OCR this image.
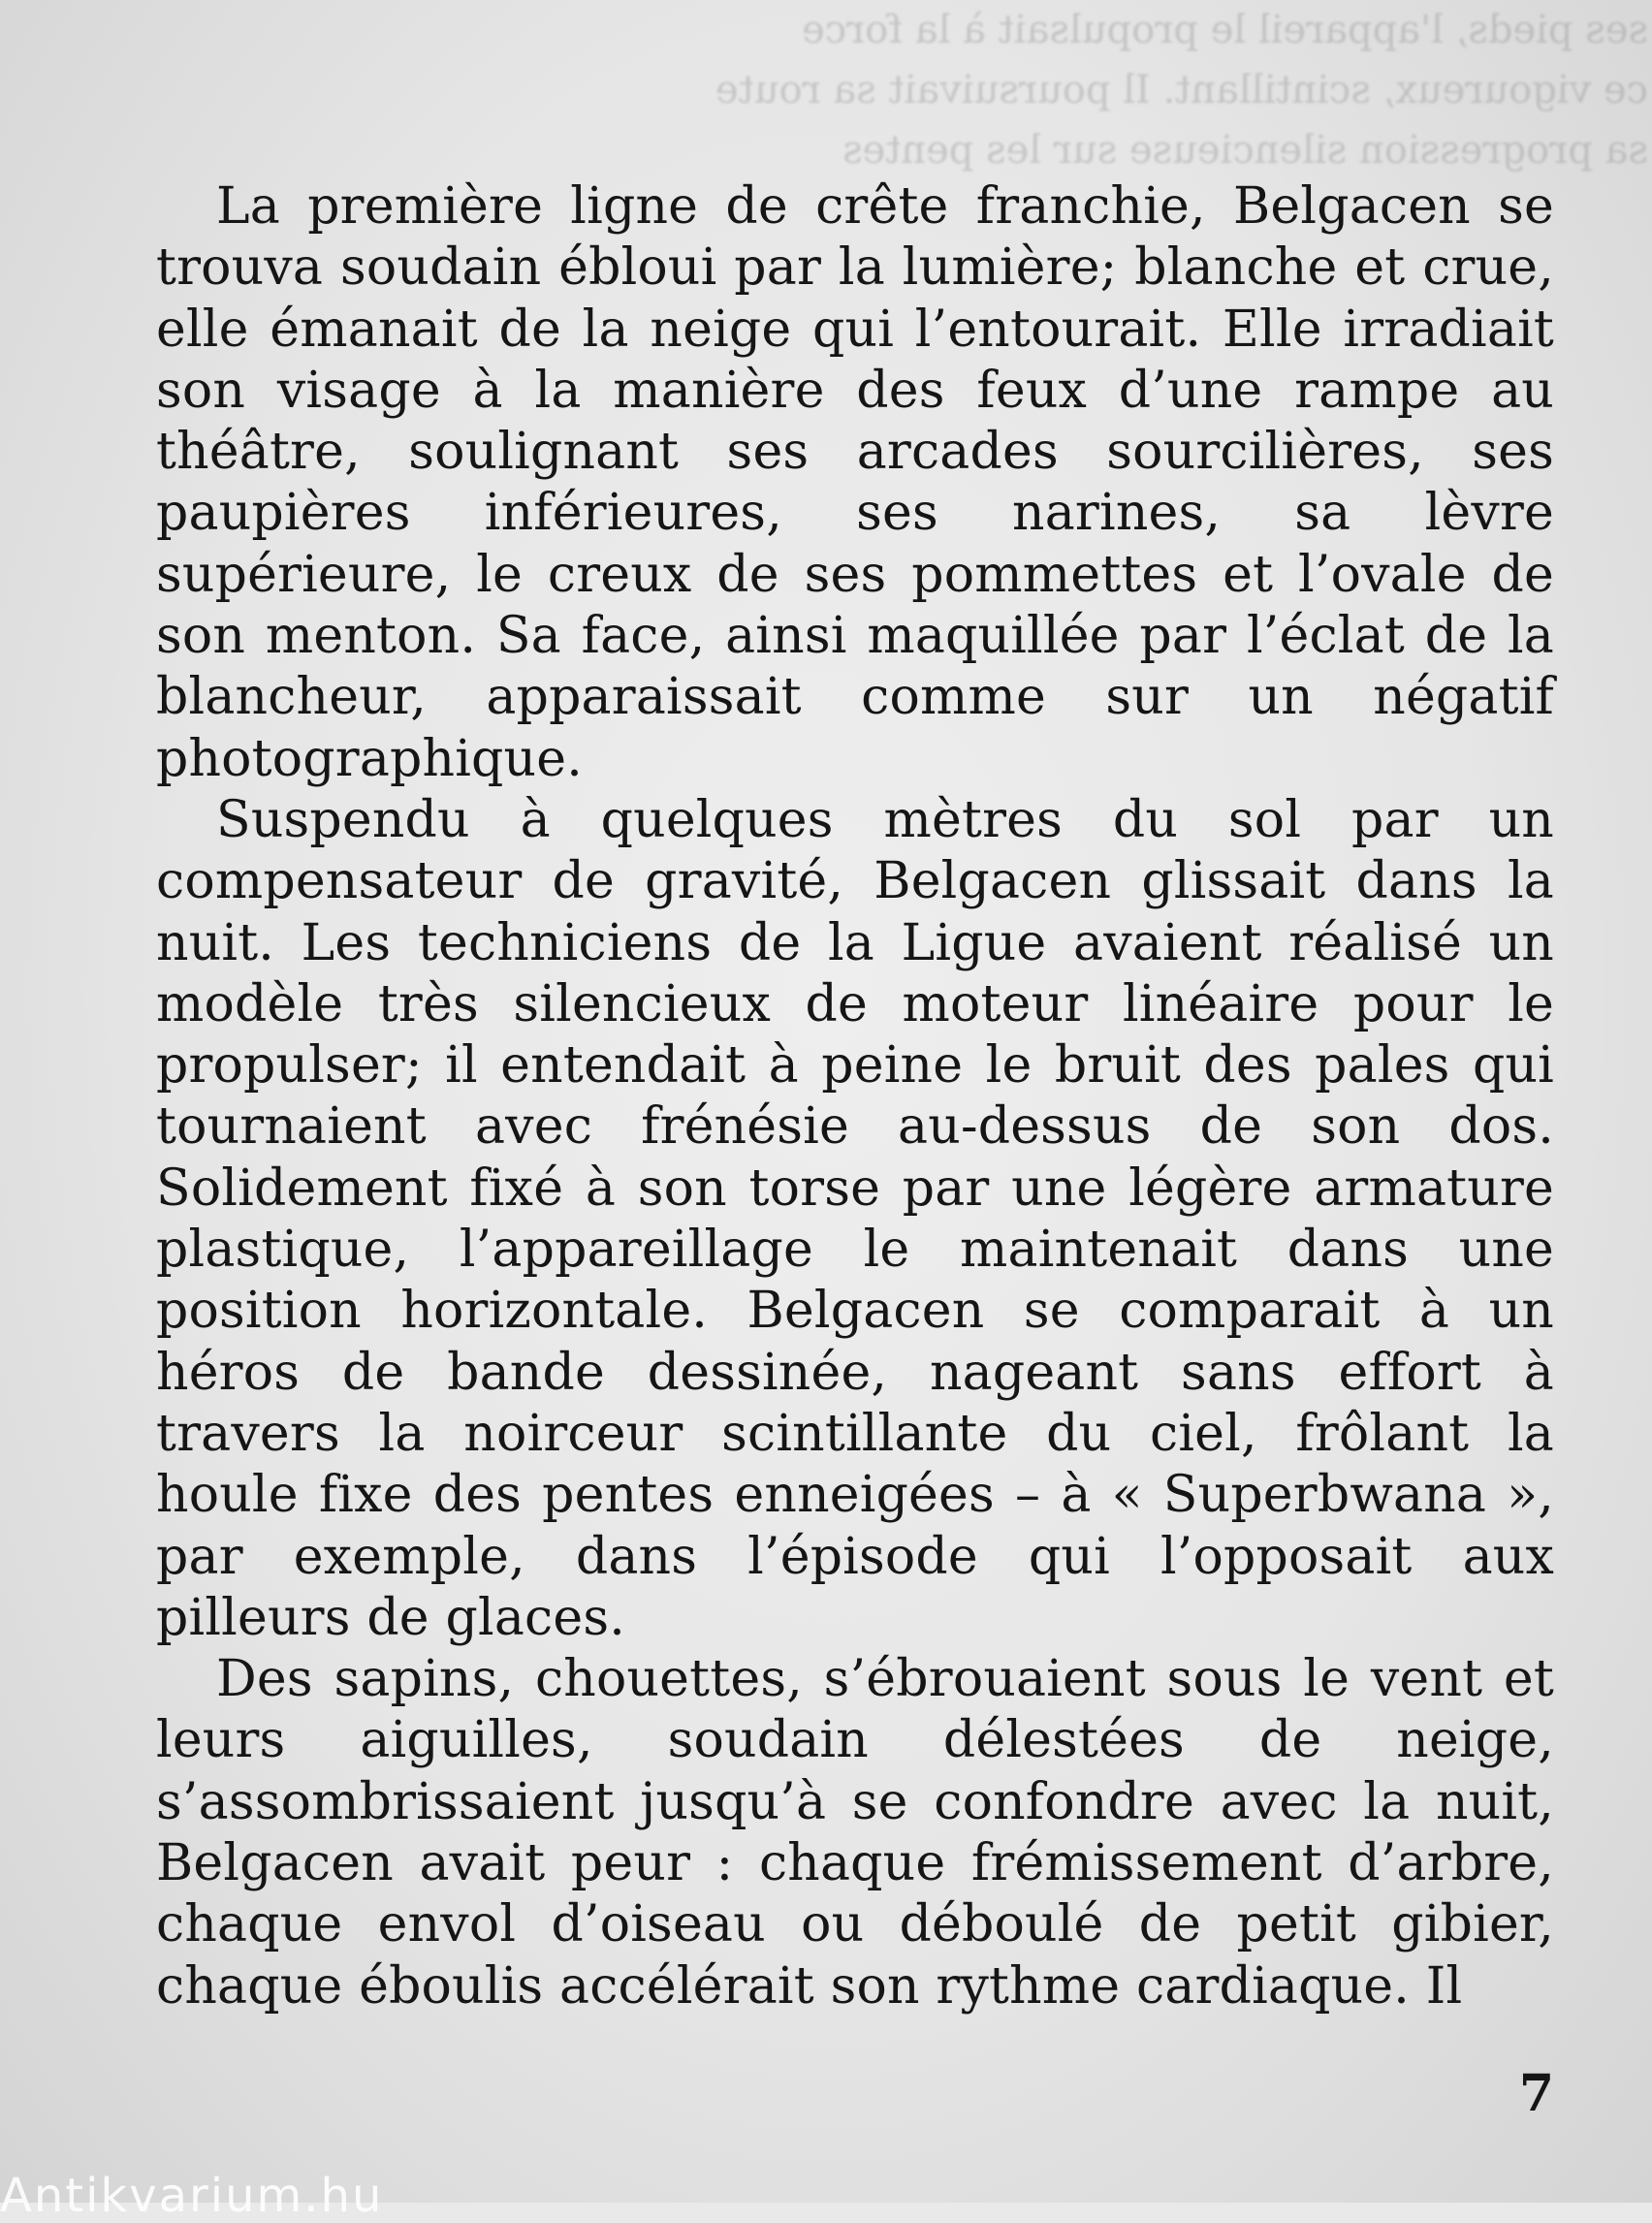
ses pieds, l'appareil le propulsait à la force
ce vigoureux, scintillant. Il poursuivait sa route
sa progression silencieuse sur les pentes

La première ligne de crête franchie, Belgacen se trouva soudain ébloui par la lumière; blanche et crue, elle émanait de la neige qui l’entourait. Elle irradiait son visage à la manière des feux d’une rampe au théâtre, soulignant ses arcades sourcilières, ses paupières inférieures, ses narines, sa lèvre supérieure, le creux de ses pommettes et l’ovale de son menton. Sa face, ainsi maquillée par l’éclat de la blancheur, apparaissait comme sur un négatif photographique.

Suspendu à quelques mètres du sol par un compensateur de gravité, Belgacen glissait dans la nuit. Les techniciens de la Ligue avaient réalisé un modèle très silencieux de moteur linéaire pour le propulser; il entendait à peine le bruit des pales qui tournaient avec frénésie au-dessus de son dos. Solidement fixé à son torse par une légère armature plastique, l’appareillage le maintenait dans une position horizontale. Belgacen se comparait à un héros de bande dessinée, nageant sans effort à travers la noirceur scintillante du ciel, frôlant la houle fixe des pentes enneigées – à « Superbwana », par exemple, dans l’épisode qui l’opposait aux pilleurs de glaces.

Des sapins, chouettes, s’ébrouaient sous le vent et leurs aiguilles, soudain délestées de neige, s’assombrissaient jusqu’à se confondre avec la nuit, Belgacen avait peur : chaque frémissement d’arbre, chaque envol d’oiseau ou déboulé de petit gibier, chaque éboulis accélérait son rythme cardiaque. Il

7
Antikvarium.hu
